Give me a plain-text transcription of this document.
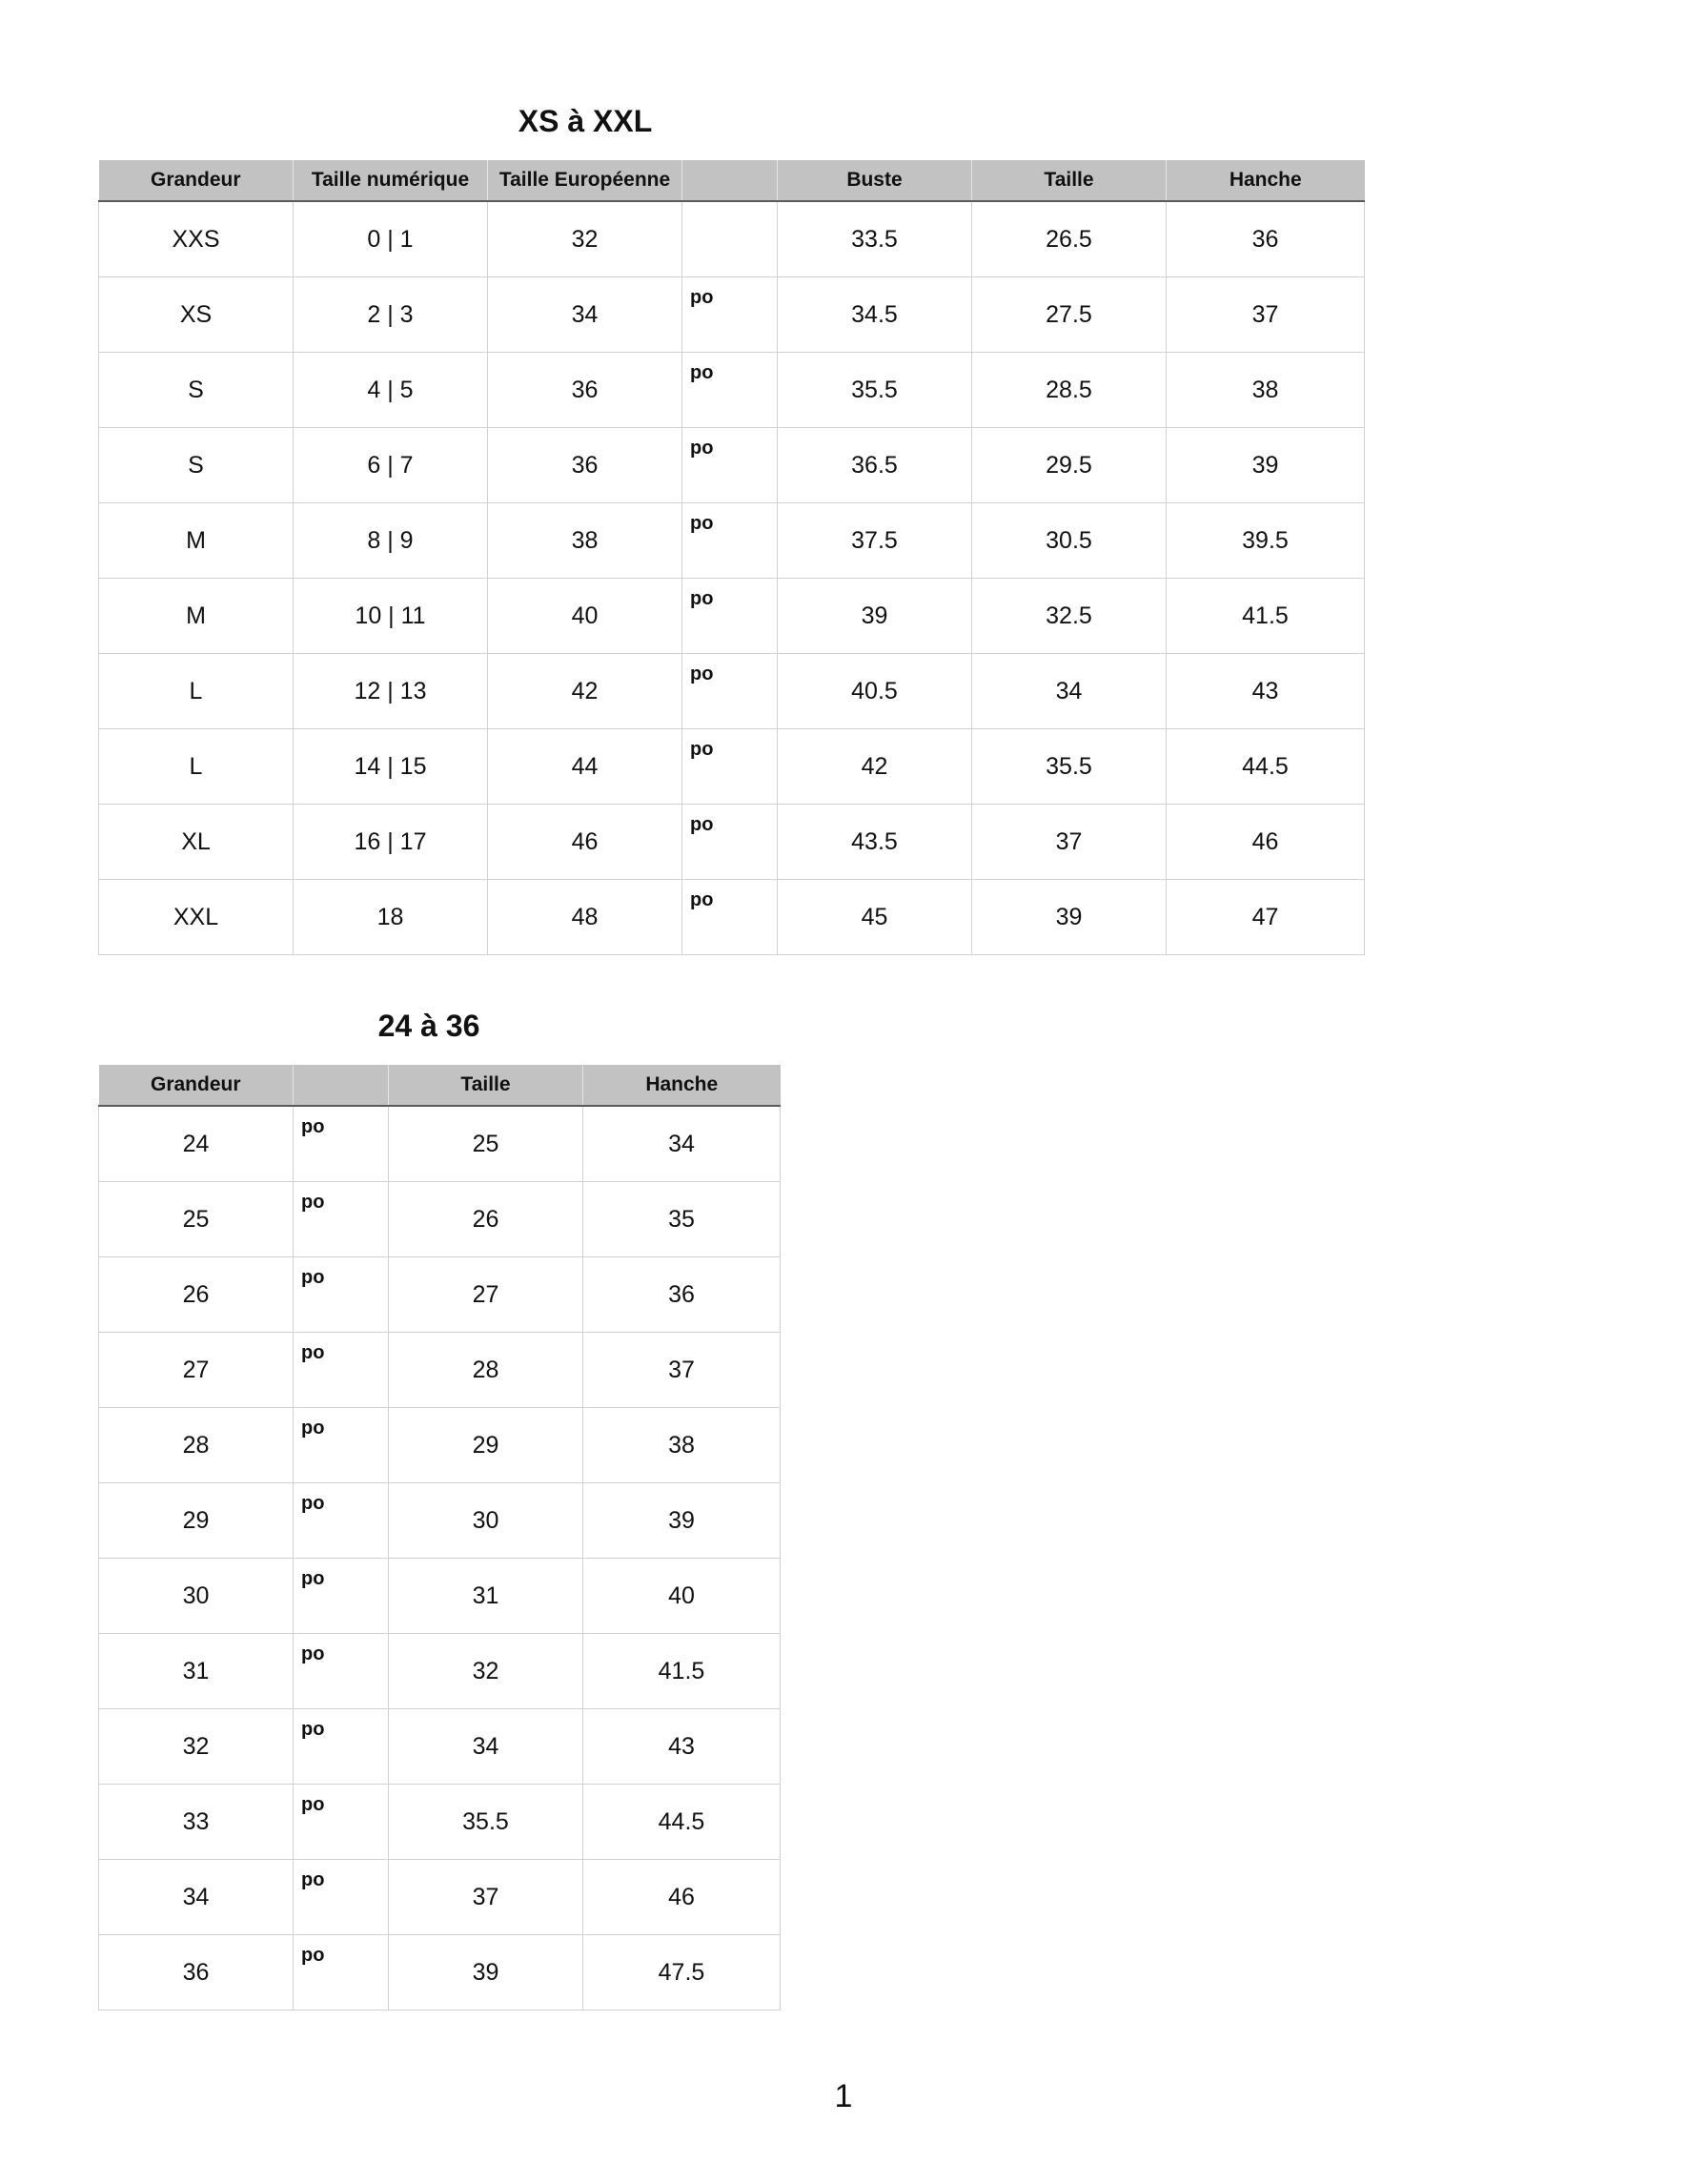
XS à XXL
Grandeur	Taille numérique	Taille Européenne		Buste	Taille	Hanche
XXS	0 | 1	32		33.5	26.5	36
XS	2 | 3	34	po	34.5	27.5	37
S	4 | 5	36	po	35.5	28.5	38
S	6 | 7	36	po	36.5	29.5	39
M	8 | 9	38	po	37.5	30.5	39.5
M	10 | 11	40	po	39	32.5	41.5
L	12 | 13	42	po	40.5	34	43
L	14 | 15	44	po	42	35.5	44.5
XL	16 | 17	46	po	43.5	37	46
XXL	18	48	po	45	39	47
24 à 36
Grandeur		Taille	Hanche
24	po	25	34
25	po	26	35
26	po	27	36
27	po	28	37
28	po	29	38
29	po	30	39
30	po	31	40
31	po	32	41.5
32	po	34	43
33	po	35.5	44.5
34	po	37	46
36	po	39	47.5
1
